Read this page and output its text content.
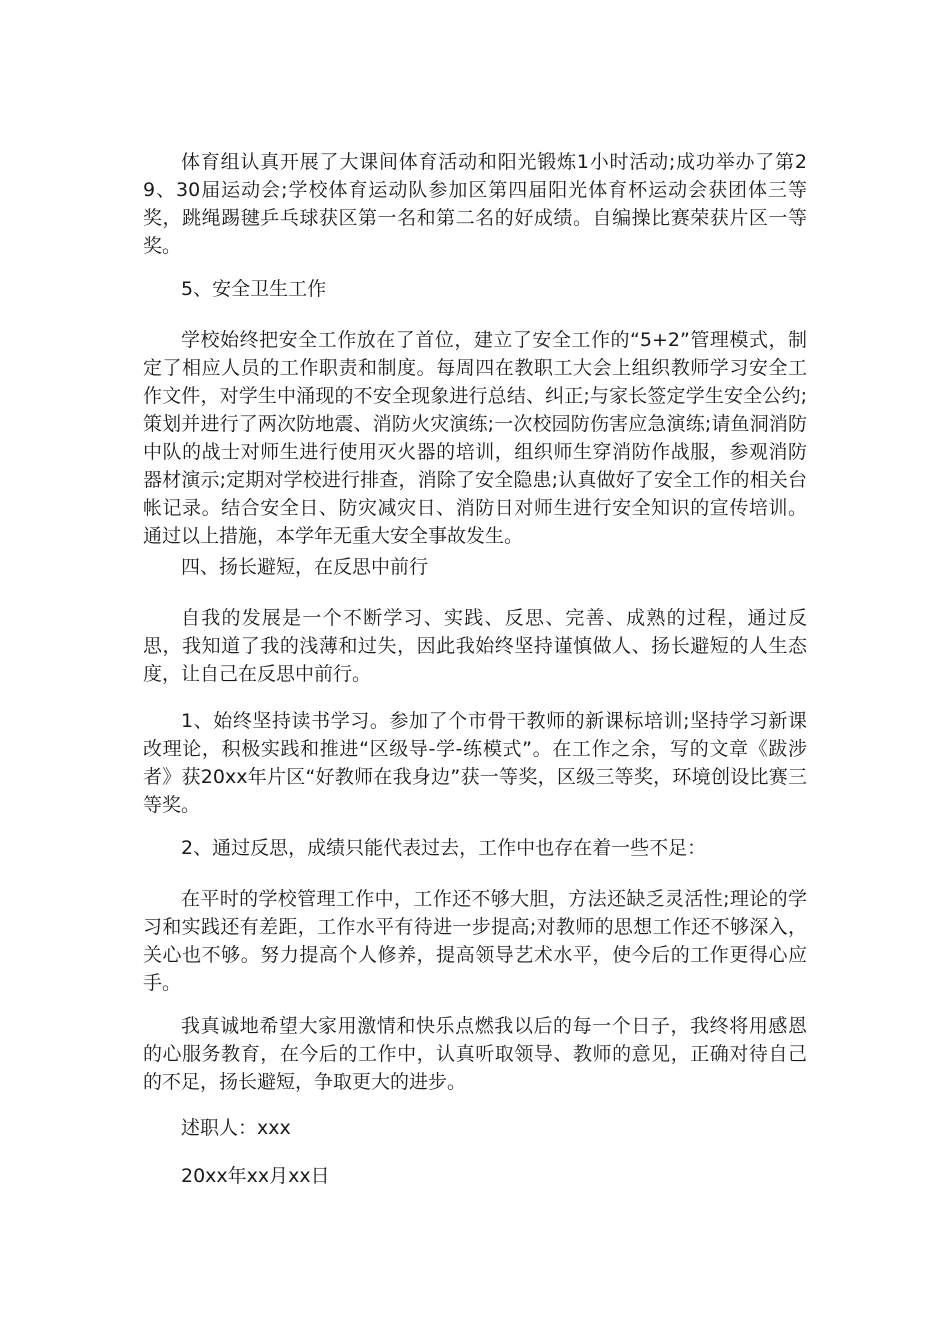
体育组认真开展了大课间体育活动和阳光锻炼1小时活动;成功举办了第29、30届运动会;学校体育运动队参加区第四届阳光体育杯运动会获团体三等奖，跳绳踢毽乒乓球获区第一名和第二名的好成绩。自编操比赛荣获片区一等奖。

5、安全卫生工作

学校始终把安全工作放在了首位，建立了安全工作的“5+2”管理模式，制定了相应人员的工作职责和制度。每周四在教职工大会上组织教师学习安全工作文件，对学生中涌现的不安全现象进行总结、纠正;与家长签定学生安全公约;策划并进行了两次防地震、消防火灾演练;一次校园防伤害应急演练;请鱼洞消防中队的战士对师生进行使用灭火器的培训，组织师生穿消防作战服，参观消防器材演示;定期对学校进行排查，消除了安全隐患;认真做好了安全工作的相关台帐记录。结合安全日、防灾减灾日、消防日对师生进行安全知识的宣传培训。通过以上措施，本学年无重大安全事故发生。

四、扬长避短，在反思中前行

自我的发展是一个不断学习、实践、反思、完善、成熟的过程，通过反思，我知道了我的浅薄和过失，因此我始终坚持谨慎做人、扬长避短的人生态度，让自己在反思中前行。

1、始终坚持读书学习。参加了个市骨干教师的新课标培训;坚持学习新课改理论，积极实践和推进“区级导-学-练模式”。在工作之余，写的文章《跋涉者》获20xx年片区“好教师在我身边”获一等奖，区级三等奖，环境创设比赛三等奖。

2、通过反思，成绩只能代表过去，工作中也存在着一些不足：

在平时的学校管理工作中，工作还不够大胆，方法还缺乏灵活性;理论的学习和实践还有差距，工作水平有待进一步提高;对教师的思想工作还不够深入，关心也不够。努力提高个人修养，提高领导艺术水平，使今后的工作更得心应手。

我真诚地希望大家用激情和快乐点燃我以后的每一个日子，我终将用感恩的心服务教育，在今后的工作中，认真听取领导、教师的意见，正确对待自己的不足，扬长避短，争取更大的进步。

述职人：xxx

20xx年xx月xx日
